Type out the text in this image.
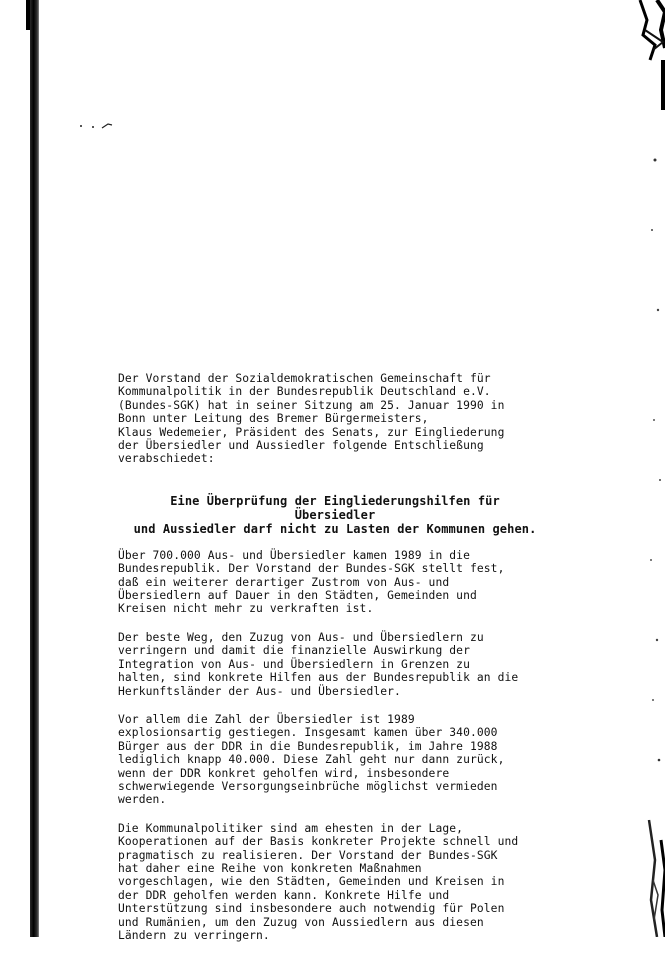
Der Vorstand der Sozialdemokratischen Gemeinschaft für
Kommunalpolitik in der Bundesrepublik Deutschland e.V.
(Bundes-SGK) hat in seiner Sitzung am 25. Januar 1990 in
Bonn unter Leitung des Bremer Bürgermeisters,
Klaus Wedemeier, Präsident des Senats, zur Eingliederung
der Übersiedler und Aussiedler folgende Entschließung
verabschiedet:

Eine Überprüfung der Eingliederungshilfen für Übersiedler
und Aussiedler darf nicht zu Lasten der Kommunen gehen.

Über 700.000 Aus- und Übersiedler kamen 1989 in die
Bundesrepublik. Der Vorstand der Bundes-SGK stellt fest,
daß ein weiterer derartiger Zustrom von Aus- und
Übersiedlern auf Dauer in den Städten, Gemeinden und
Kreisen nicht mehr zu verkraften ist.

Der beste Weg, den Zuzug von Aus- und Übersiedlern zu
verringern und damit die finanzielle Auswirkung der
Integration von Aus- und Übersiedlern in Grenzen zu
halten, sind konkrete Hilfen aus der Bundesrepublik an die
Herkunftsländer der Aus- und Übersiedler.

Vor allem die Zahl der Übersiedler ist 1989
explosionsartig gestiegen. Insgesamt kamen über 340.000
Bürger aus der DDR in die Bundesrepublik, im Jahre 1988
lediglich knapp 40.000. Diese Zahl geht nur dann zurück,
wenn der DDR konkret geholfen wird, insbesondere
schwerwiegende Versorgungseinbrüche möglichst vermieden
werden.

Die Kommunalpolitiker sind am ehesten in der Lage,
Kooperationen auf der Basis konkreter Projekte schnell und
pragmatisch zu realisieren. Der Vorstand der Bundes-SGK
hat daher eine Reihe von konkreten Maßnahmen
vorgeschlagen, wie den Städten, Gemeinden und Kreisen in
der DDR geholfen werden kann. Konkrete Hilfe und
Unterstützung sind insbesondere auch notwendig für Polen
und Rumänien, um den Zuzug von Aussiedlern aus diesen
Ländern zu verringern.
